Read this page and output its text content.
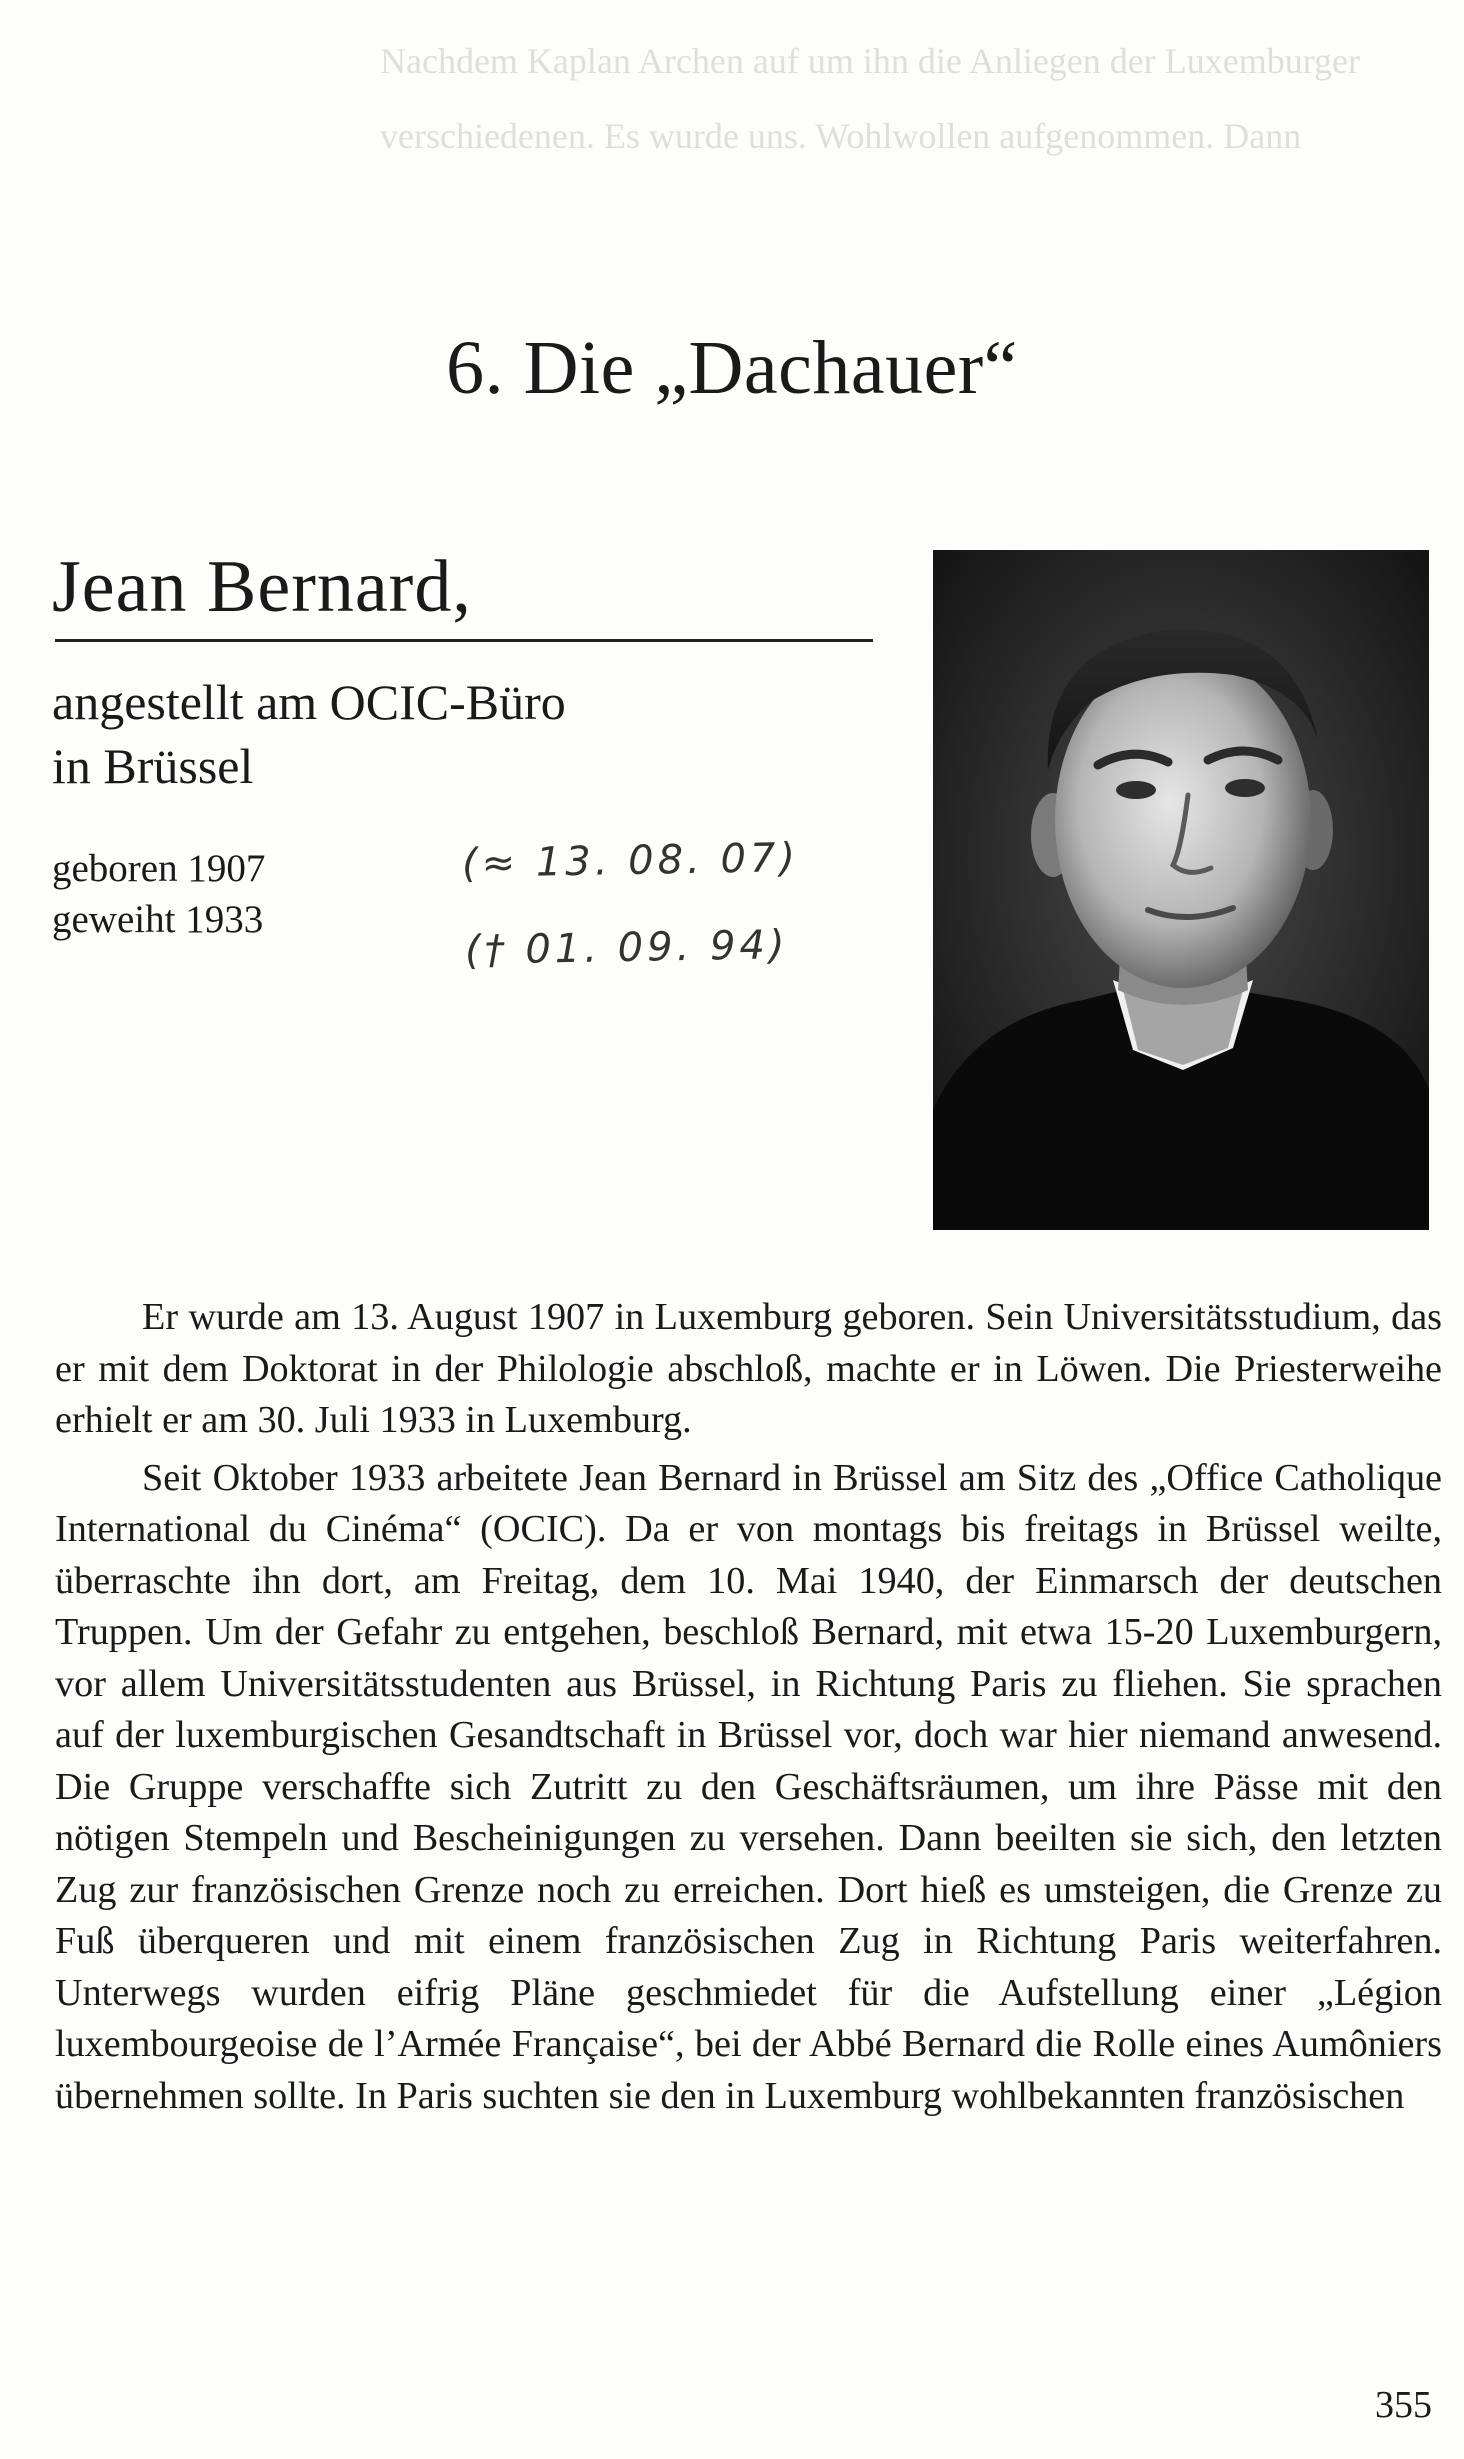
Nachdem Kaplan Archen auf um ihn die Anliegen der Luxemburger
verschiedenen. Es wurde uns. Wohlwollen aufgenommen. Dann
6. Die „Dachauer“
Jean Bernard,
angestellt am OCIC-Büro
in Brüssel
geboren 1907
geweiht 1933
(≈ 13. 08. 07)
(† 01. 09. 94)

Er wurde am 13. August 1907 in Luxemburg geboren. Sein Universitätsstudium, das er mit dem Doktorat in der Philologie abschloß, machte er in Löwen. Die Priesterweihe erhielt er am 30. Juli 1933 in Luxemburg.

Seit Oktober 1933 arbeitete Jean Bernard in Brüssel am Sitz des „Office Catholique International du Cinéma“ (OCIC). Da er von montags bis freitags in Brüssel weilte, überraschte ihn dort, am Freitag, dem 10. Mai 1940, der Einmarsch der deutschen Truppen. Um der Gefahr zu entgehen, beschloß Bernard, mit etwa 15-20 Luxemburgern, vor allem Universitätsstudenten aus Brüssel, in Richtung Paris zu fliehen. Sie sprachen auf der luxemburgischen Gesandtschaft in Brüssel vor, doch war hier niemand anwesend. Die Gruppe verschaffte sich Zutritt zu den Geschäftsräumen, um ihre Pässe mit den nötigen Stempeln und Bescheinigungen zu versehen. Dann beeilten sie sich, den letzten Zug zur französischen Grenze noch zu erreichen. Dort hieß es umsteigen, die Grenze zu Fuß überqueren und mit einem französischen Zug in Richtung Paris weiterfahren. Unterwegs wurden eifrig Pläne geschmiedet für die Aufstellung einer „Légion luxembourgeoise de l’Armée Française“, bei der Abbé Bernard die Rolle eines Aumôniers übernehmen sollte. In Paris suchten sie den in Luxemburg wohlbekannten französischen

355
